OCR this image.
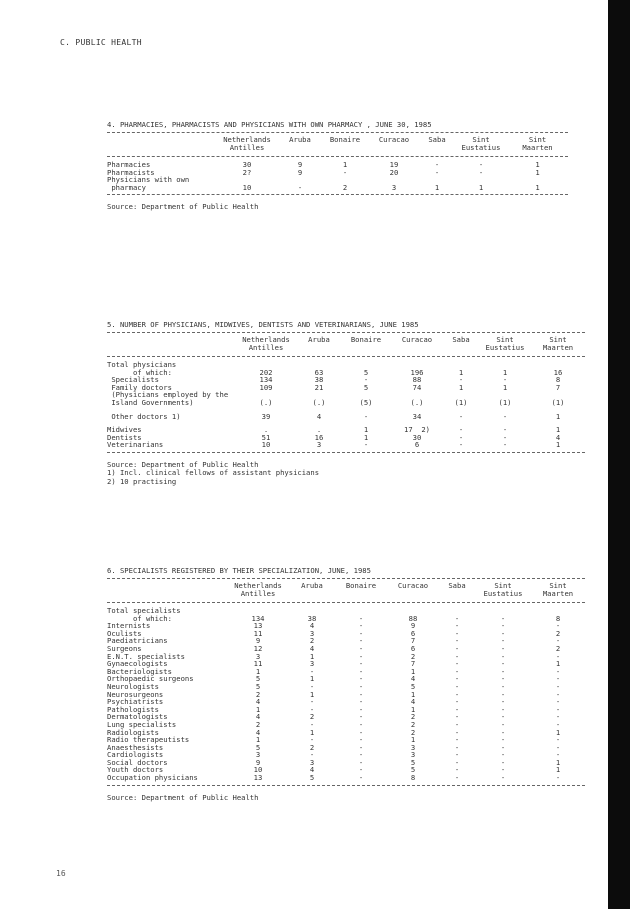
C. PUBLIC HEALTH
4. PHARMACIES, PHARMACISTS AND PHYSICIANS WITH OWN PHARMACY , JUNE 30, 1985
Netherlands
Antilles
Aruba	Bonaire	Curacao	Saba	Sint
Eustatius
Sint
Maarten
Pharmacies	30	9	1	19	-	-	1
Pharmacists	2?	9	-	20	-	-	1
Physicians with own
pharmacy	10	-	2	3	1	1	1
Source: Department of Public Health
5. NUMBER OF PHYSICIANS, MIDWIVES, DENTISTS AND VETERINARIANS, JUNE 1985
Netherlands
Antilles
Aruba	Bonaire	Curacao	Saba	Sint
Eustatius
Sint
Maarten
Total physicians
of which:	202	63	5	196	1	1	16
Specialists	134	38	-	88	-	-	8
Family doctors	109	21	5	74	1	1	7
(Physicians employed by the
Island Governments)	(.)	(.)	(5)	(.)	(1)	(1)	(1)
Other doctors 1)	39	4	-	34	-	-	1
Midwives	.	.	1	17  2)	-	-	1
Dentists	51	16	1	30	-	-	4
Veterinarians	10	3	-	6	-	-	1
Source: Department of Public Health
1) Incl. clinical fellows of assistant physicians
2) 10 practising
6. SPECIALISTS REGISTERED BY THEIR SPECIALIZATION, JUNE, 1985
Netherlands
Antilles
Aruba	Bonaire	Curacao	Saba	Sint
Eustatius
Sint
Maarten
Total specialists
of which:	134	38	-	88	-	-	8
Internists	13	4	-	9	-	-	-
Oculists	11	3	-	6	-	-	2
Paediatricians	9	2	-	7	-	-	-
Surgeons	12	4	-	6	-	-	2
E.N.T. specialists	3	1	-	2	-	-	-
Gynaecologists	11	3	-	7	-	-	1
Bacteriologists	1	-	-	1	-	-	-
Orthopaedic surgeons	5	1	-	4	-	-	-
Neurologists	5	-	-	5	-	-	-
Neurosurgeons	2	1	-	1	-	-	-
Psychiatrists	4	-	-	4	-	-	-
Pathologists	1	-	-	1	-	-	-
Dermatologists	4	2	-	2	-	-	-
Lung specialists	2	-	-	2	-	-	-
Radiologists	4	1	-	2	-	-	1
Radio therapeutists	1	-	-	1	-	-	-
Anaesthesists	5	2	-	3	-	-	-
Cardiologists	3	-	-	3	-	-	-
Social doctors	9	3	-	5	-	-	1
Youth doctors	10	4	-	5	-	-	1
Occupation physicians	13	5	-	8	-	-	-
Source: Department of Public Health
16
